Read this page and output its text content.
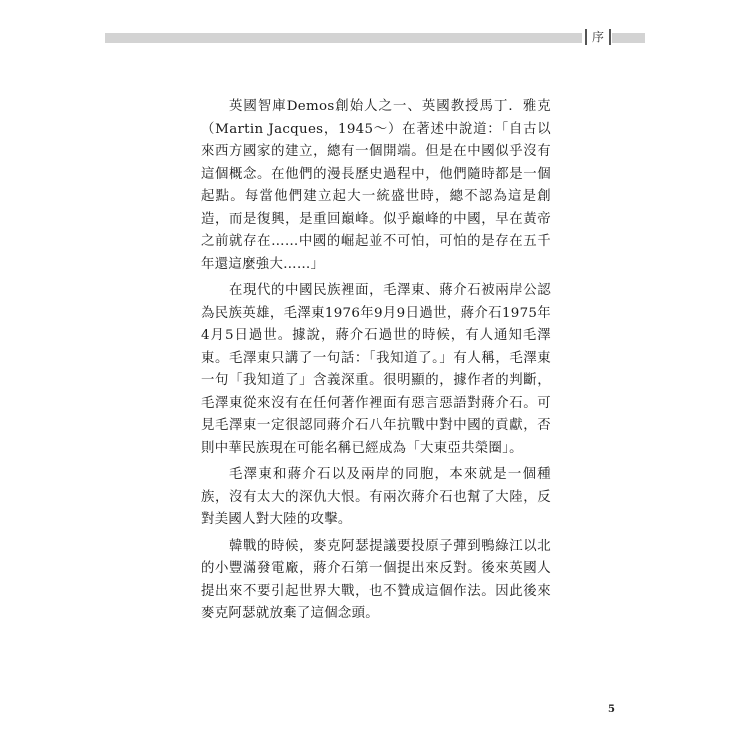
序

英國智庫Demos創始人之一、英國教授馬丁．雅克（Martin Jacques，1945～）在著述中說道：「自古以來西方國家的建立，總有一個開端。但是在中國似乎沒有這個概念。在他們的漫長歷史過程中，他們隨時都是一個起點。每當他們建立起大一統盛世時，總不認為這是創造，而是復興，是重回巔峰。似乎巔峰的中國，早在黃帝之前就存在……中國的崛起並不可怕，可怕的是存在五千年還這麼強大……」

在現代的中國民族裡面，毛澤東、蔣介石被兩岸公認為民族英雄，毛澤東1976年9月9日過世，蔣介石1975年4月5日過世。據說，蔣介石過世的時候，有人通知毛澤東。毛澤東只講了一句話：「我知道了。」有人稱，毛澤東一句「我知道了」含義深重。很明顯的，據作者的判斷，毛澤東從來沒有在任何著作裡面有惡言惡語對蔣介石。可見毛澤東一定很認同蔣介石八年抗戰中對中國的貢獻，否則中華民族現在可能名稱已經成為「大東亞共榮圈」。

毛澤東和蔣介石以及兩岸的同胞，本來就是一個種族，沒有太大的深仇大恨。有兩次蔣介石也幫了大陸，反對美國人對大陸的攻擊。

韓戰的時候，麥克阿瑟提議要投原子彈到鴨綠江以北的小豐滿發電廠，蔣介石第一個提出來反對。後來英國人提出來不要引起世界大戰，也不贊成這個作法。因此後來麥克阿瑟就放棄了這個念頭。

5
